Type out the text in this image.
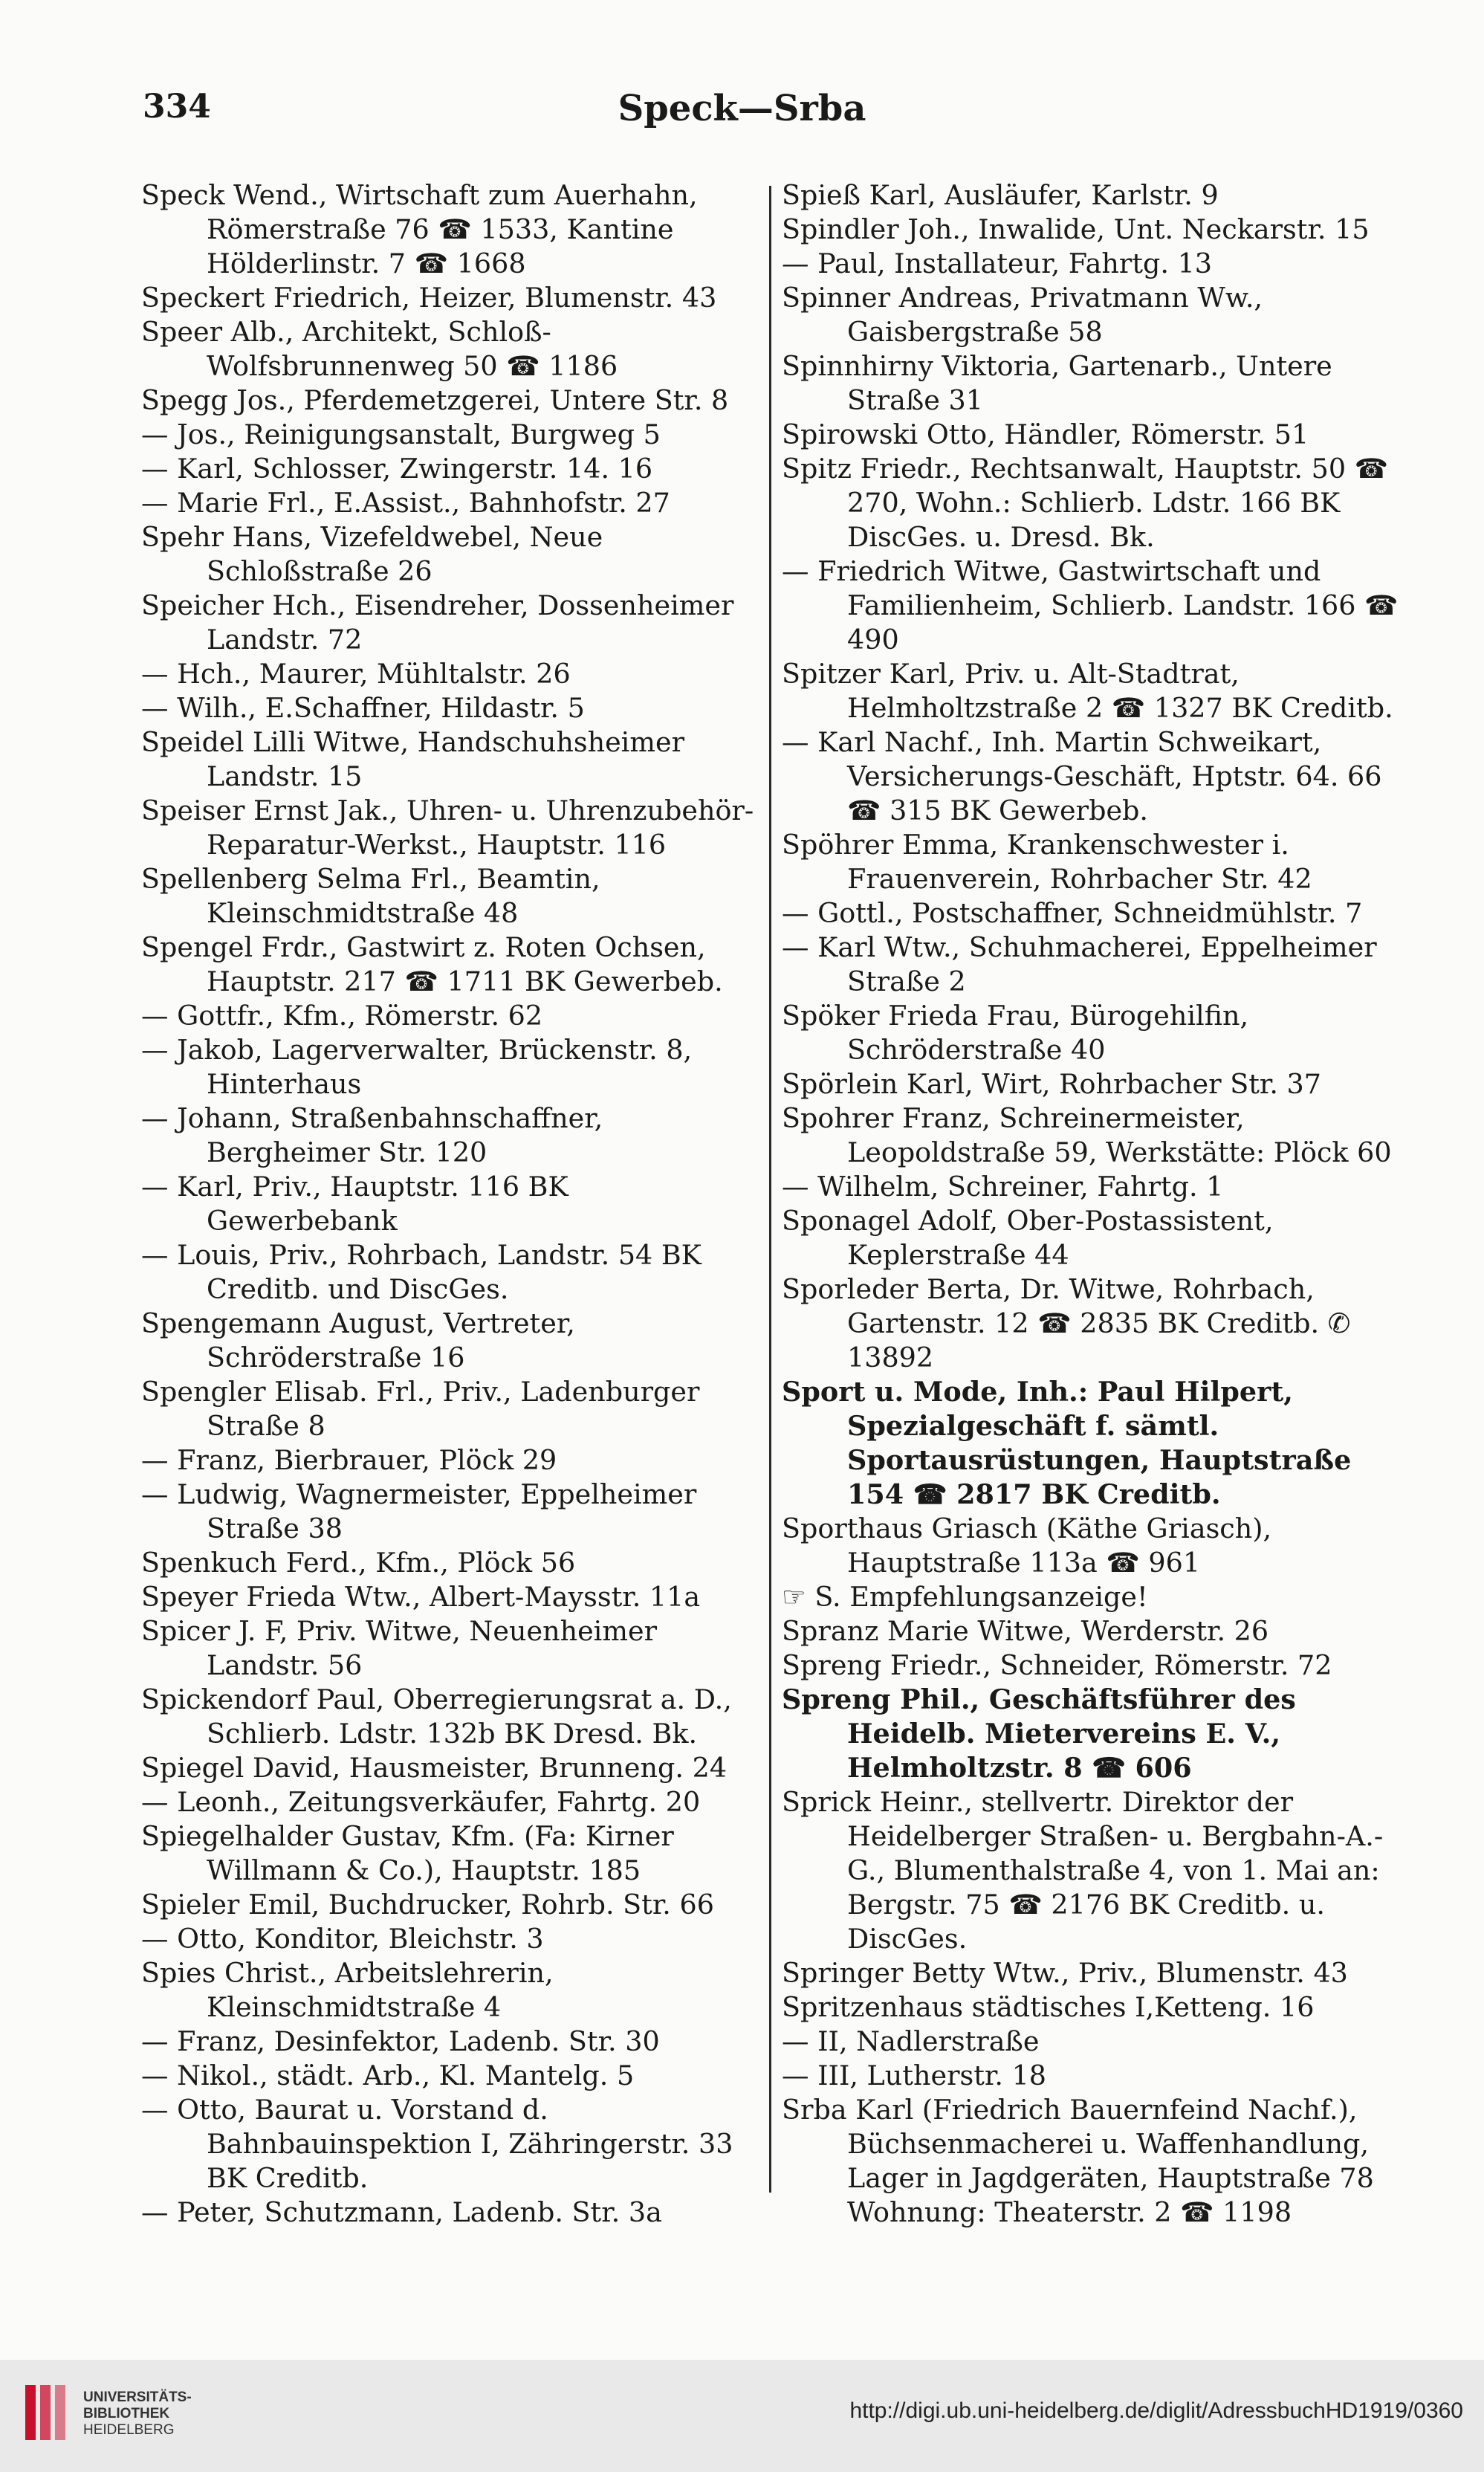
334	Speck—Srba
Speck Wend., Wirtschaft zum Auerhahn, Römerstraße 76 ☎ 1533, Kantine Hölderlinstr. 7 ☎ 1668
Speckert Friedrich, Heizer, Blumenstr. 43
Speer Alb., Architekt, Schloß-Wolfsbrunnenweg 50 ☎ 1186
Spegg Jos., Pferdemetzgerei, Untere Str. 8
— Jos., Reinigungsanstalt, Burgweg 5
— Karl, Schlosser, Zwingerstr. 14. 16
— Marie Frl., E.Assist., Bahnhofstr. 27
Spehr Hans, Vizefeldwebel, Neue Schloßstraße 26
Speicher Hch., Eisendreher, Dossenheimer Landstr. 72
— Hch., Maurer, Mühltalstr. 26
— Wilh., E.Schaffner, Hildastr. 5
Speidel Lilli Witwe, Handschuhsheimer Landstr. 15
Speiser Ernst Jak., Uhren- u. Uhrenzubehör-Reparatur-Werkst., Hauptstr. 116
Spellenberg Selma Frl., Beamtin, Kleinschmidtstraße 48
Spengel Frdr., Gastwirt z. Roten Ochsen, Hauptstr. 217 ☎ 1711 BK Gewerbeb.
— Gottfr., Kfm., Römerstr. 62
— Jakob, Lagerverwalter, Brückenstr. 8, Hinterhaus
— Johann, Straßenbahnschaffner, Bergheimer Str. 120
— Karl, Priv., Hauptstr. 116 BK Gewerbebank
— Louis, Priv., Rohrbach, Landstr. 54 BK Creditb. und DiscGes.
Spengemann August, Vertreter, Schröderstraße 16
Spengler Elisab. Frl., Priv., Ladenburger Straße 8
— Franz, Bierbrauer, Plöck 29
— Ludwig, Wagnermeister, Eppelheimer Straße 38
Spenkuch Ferd., Kfm., Plöck 56
Speyer Frieda Wtw., Albert-Maysstr. 11a
Spicer J. F, Priv. Witwe, Neuenheimer Landstr. 56
Spickendorf Paul, Oberregierungsrat a. D., Schlierb. Ldstr. 132b BK Dresd. Bk.
Spiegel David, Hausmeister, Brunneng. 24
— Leonh., Zeitungsverkäufer, Fahrtg. 20
Spiegelhalder Gustav, Kfm. (Fa: Kirner Willmann & Co.), Hauptstr. 185
Spieler Emil, Buchdrucker, Rohrb. Str. 66
— Otto, Konditor, Bleichstr. 3
Spies Christ., Arbeitslehrerin, Kleinschmidtstraße 4
— Franz, Desinfektor, Ladenb. Str. 30
— Nikol., städt. Arb., Kl. Mantelg. 5
— Otto, Baurat u. Vorstand d. Bahnbauinspektion I, Zähringerstr. 33 BK Creditb.
— Peter, Schutzmann, Ladenb. Str. 3a
Spieß Karl, Ausläufer, Karlstr. 9
Spindler Joh., Inwalide, Unt. Neckarstr. 15
— Paul, Installateur, Fahrtg. 13
Spinner Andreas, Privatmann Ww., Gaisbergstraße 58
Spinnhirny Viktoria, Gartenarb., Untere Straße 31
Spirowski Otto, Händler, Römerstr. 51
Spitz Friedr., Rechtsanwalt, Hauptstr. 50 ☎ 270, Wohn.: Schlierb. Ldstr. 166 BK DiscGes. u. Dresd. Bk.
— Friedrich Witwe, Gastwirtschaft und Familienheim, Schlierb. Landstr. 166 ☎ 490
Spitzer Karl, Priv. u. Alt-Stadtrat, Helmholtzstraße 2 ☎ 1327 BK Creditb.
— Karl Nachf., Inh. Martin Schweikart, Versicherungs-Geschäft, Hptstr. 64. 66 ☎ 315 BK Gewerbeb.
Spöhrer Emma, Krankenschwester i. Frauenverein, Rohrbacher Str. 42
— Gottl., Postschaffner, Schneidmühlstr. 7
— Karl Wtw., Schuhmacherei, Eppelheimer Straße 2
Spöker Frieda Frau, Bürogehilfin, Schröderstraße 40
Spörlein Karl, Wirt, Rohrbacher Str. 37
Spohrer Franz, Schreinermeister, Leopoldstraße 59, Werkstätte: Plöck 60
— Wilhelm, Schreiner, Fahrtg. 1
Sponagel Adolf, Ober-Postassistent, Keplerstraße 44
Sporleder Berta, Dr. Witwe, Rohrbach, Gartenstr. 12 ☎ 2835 BK Creditb. ✆ 13892
Sport u. Mode, Inh.: Paul Hilpert, Spezialgeschäft f. sämtl. Sportausrüstungen, Hauptstraße 154 ☎ 2817 BK Creditb.
Sporthaus Griasch (Käthe Griasch), Hauptstraße 113a ☎ 961
☞ S. Empfehlungsanzeige!
Spranz Marie Witwe, Werderstr. 26
Spreng Friedr., Schneider, Römerstr. 72
Spreng Phil., Geschäftsführer des Heidelb. Mietervereins E. V., Helmholtzstr. 8 ☎ 606
Sprick Heinr., stellvertr. Direktor der Heidelberger Straßen- u. Bergbahn-A.-G., Blumenthalstraße 4, von 1. Mai an: Bergstr. 75 ☎ 2176 BK Creditb. u. DiscGes.
Springer Betty Wtw., Priv., Blumenstr. 43
Spritzenhaus städtisches I,Ketteng. 16
— II, Nadlerstraße
— III, Lutherstr. 18
Srba Karl (Friedrich Bauernfeind Nachf.), Büchsenmacherei u. Waffenhandlung, Lager in Jagdgeräten, Hauptstraße 78 Wohnung: Theaterstr. 2 ☎ 1198
UNIVERSITÄTS-
BIBLIOTHEK
HEIDELBERG
http://digi.ub.uni-heidelberg.de/diglit/AdressbuchHD1919/0360
